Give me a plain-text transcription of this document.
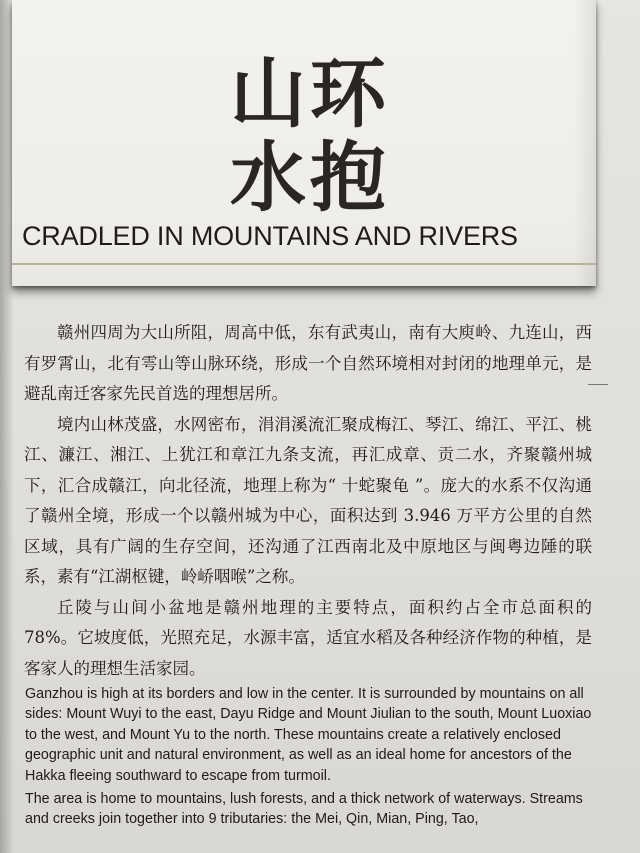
山环
水抱
CRADLED IN MOUNTAINS AND RIVERS

赣州四周为大山所阻，周高中低，东有武夷山，南有大庾岭、九连山，西有罗霄山，北有雩山等山脉环绕，形成一个自然环境相对封闭的地理单元，是避乱南迁客家先民首选的理想居所。

境内山林茂盛，水网密布，涓涓溪流汇聚成梅江、琴江、绵江、平江、桃江、濂江、湘江、上犹江和章江九条支流，再汇成章、贡二水，齐聚赣州城下，汇合成赣江，向北径流，地理上称为“ 十蛇聚龟 ”。庞大的水系不仅沟通了赣州全境，形成一个以赣州城为中心，面积达到 3.946 万平方公里的自然区域，具有广阔的生存空间，还沟通了江西南北及中原地区与闽粤边陲的联系，素有“江湖枢键，岭峤咽喉”之称。

丘陵与山间小盆地是赣州地理的主要特点，面积约占全市总面积的 78%。它坡度低，光照充足，水源丰富，适宜水稻及各种经济作物的种植，是客家人的理想生活家园。

Ganzhou is high at its borders and low in the center. It is surrounded by mountains on all sides: Mount Wuyi to the east, Dayu Ridge and Mount Jiulian to the south, Mount Luoxiao to the west, and Mount Yu to the north. These mountains create a relatively enclosed geographic unit and natural environment, as well as an ideal home for ancestors of the Hakka fleeing southward to escape from turmoil.

The area is home to mountains, lush forests, and a thick network of waterways. Streams and creeks join together into 9 tributaries: the Mei, Qin, Mian, Ping, Tao,
